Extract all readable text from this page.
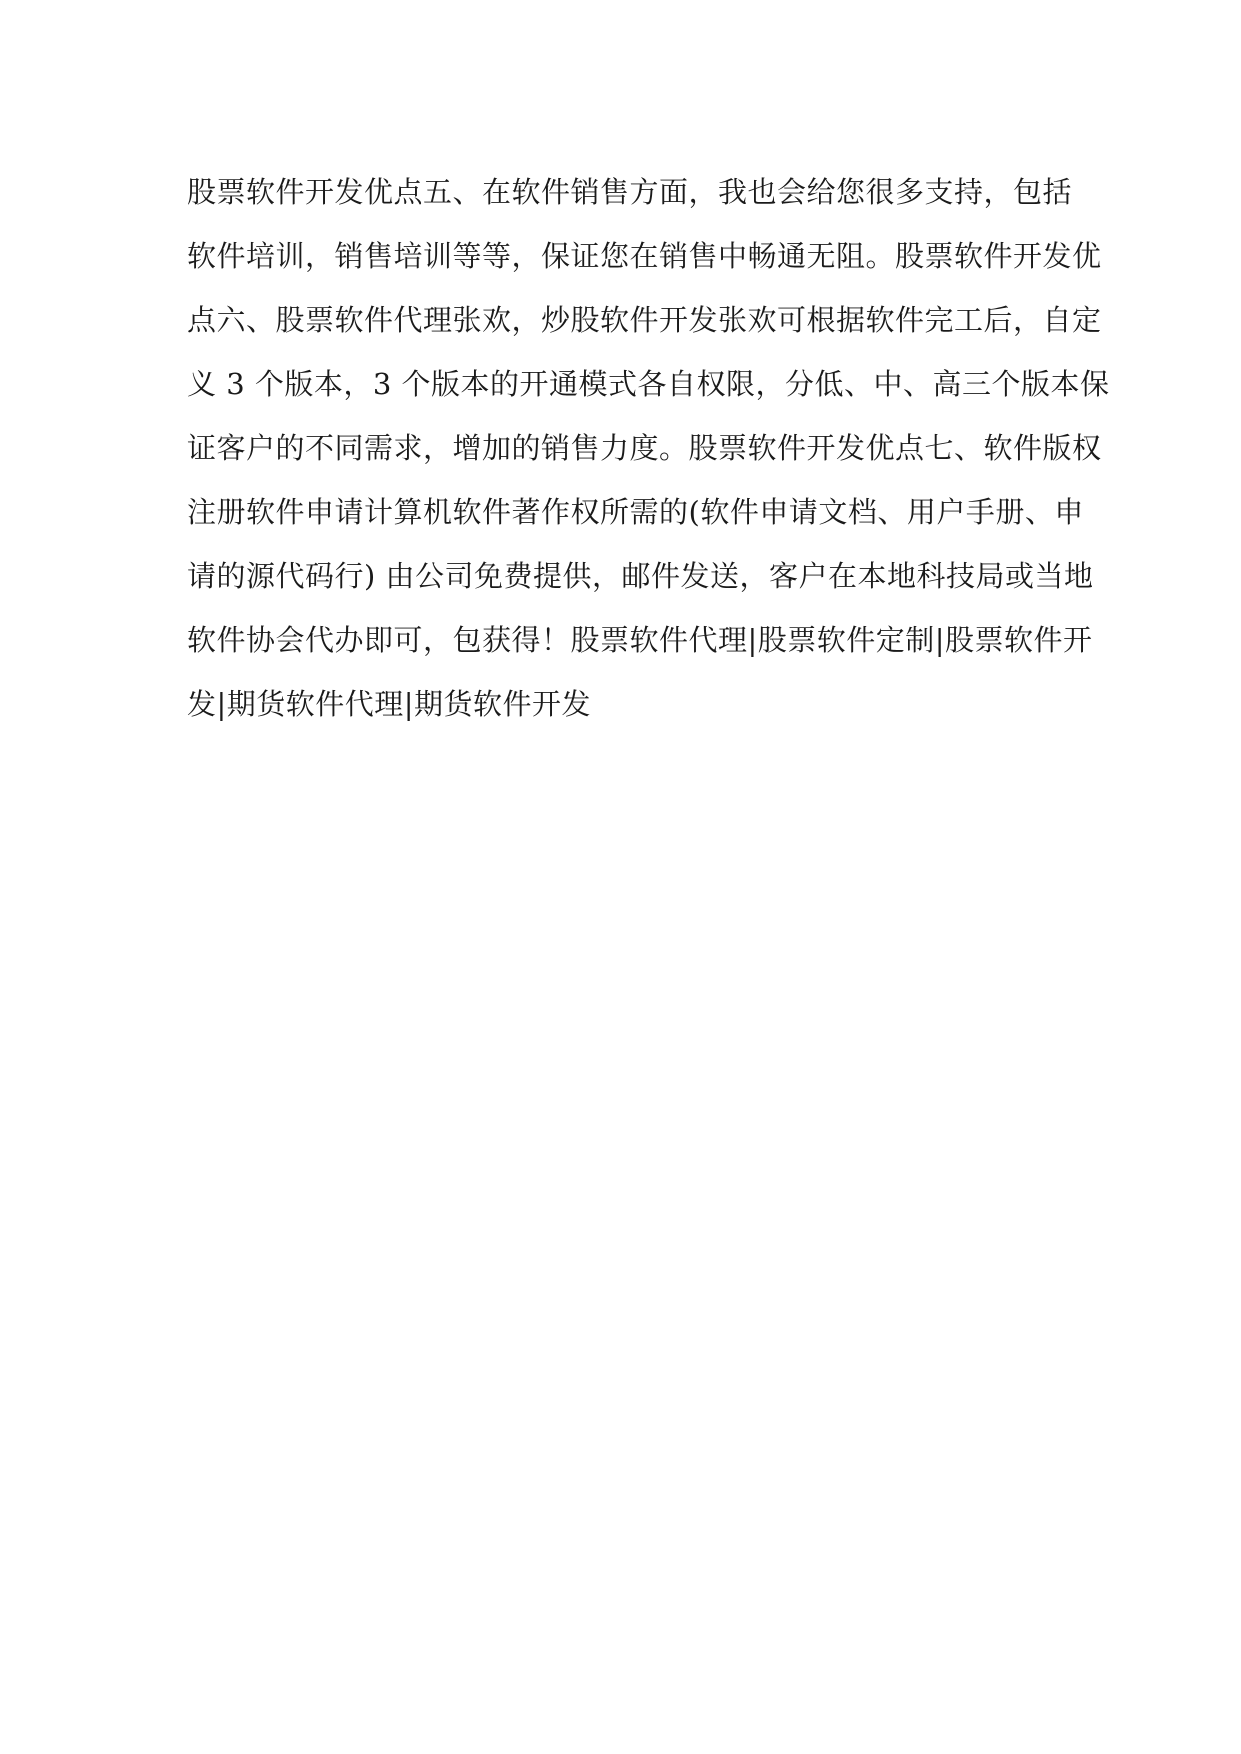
股票软件开发优点五、在软件销售方面，我也会给您很多支持，包括
软件培训，销售培训等等，保证您在销售中畅通无阻。股票软件开发优
点六、股票软件代理张欢，炒股软件开发张欢可根据软件完工后，自定
义 3 个版本，3 个版本的开通模式各自权限，分低、中、高三个版本保
证客户的不同需求，增加的销售力度。股票软件开发优点七、软件版权
注册软件申请计算机软件著作权所需的(软件申请文档、用户手册、申
请的源代码行) 由公司免费提供，邮件发送，客户在本地科技局或当地
软件协会代办即可，包获得！股票软件代理|股票软件定制|股票软件开
发|期货软件代理|期货软件开发
